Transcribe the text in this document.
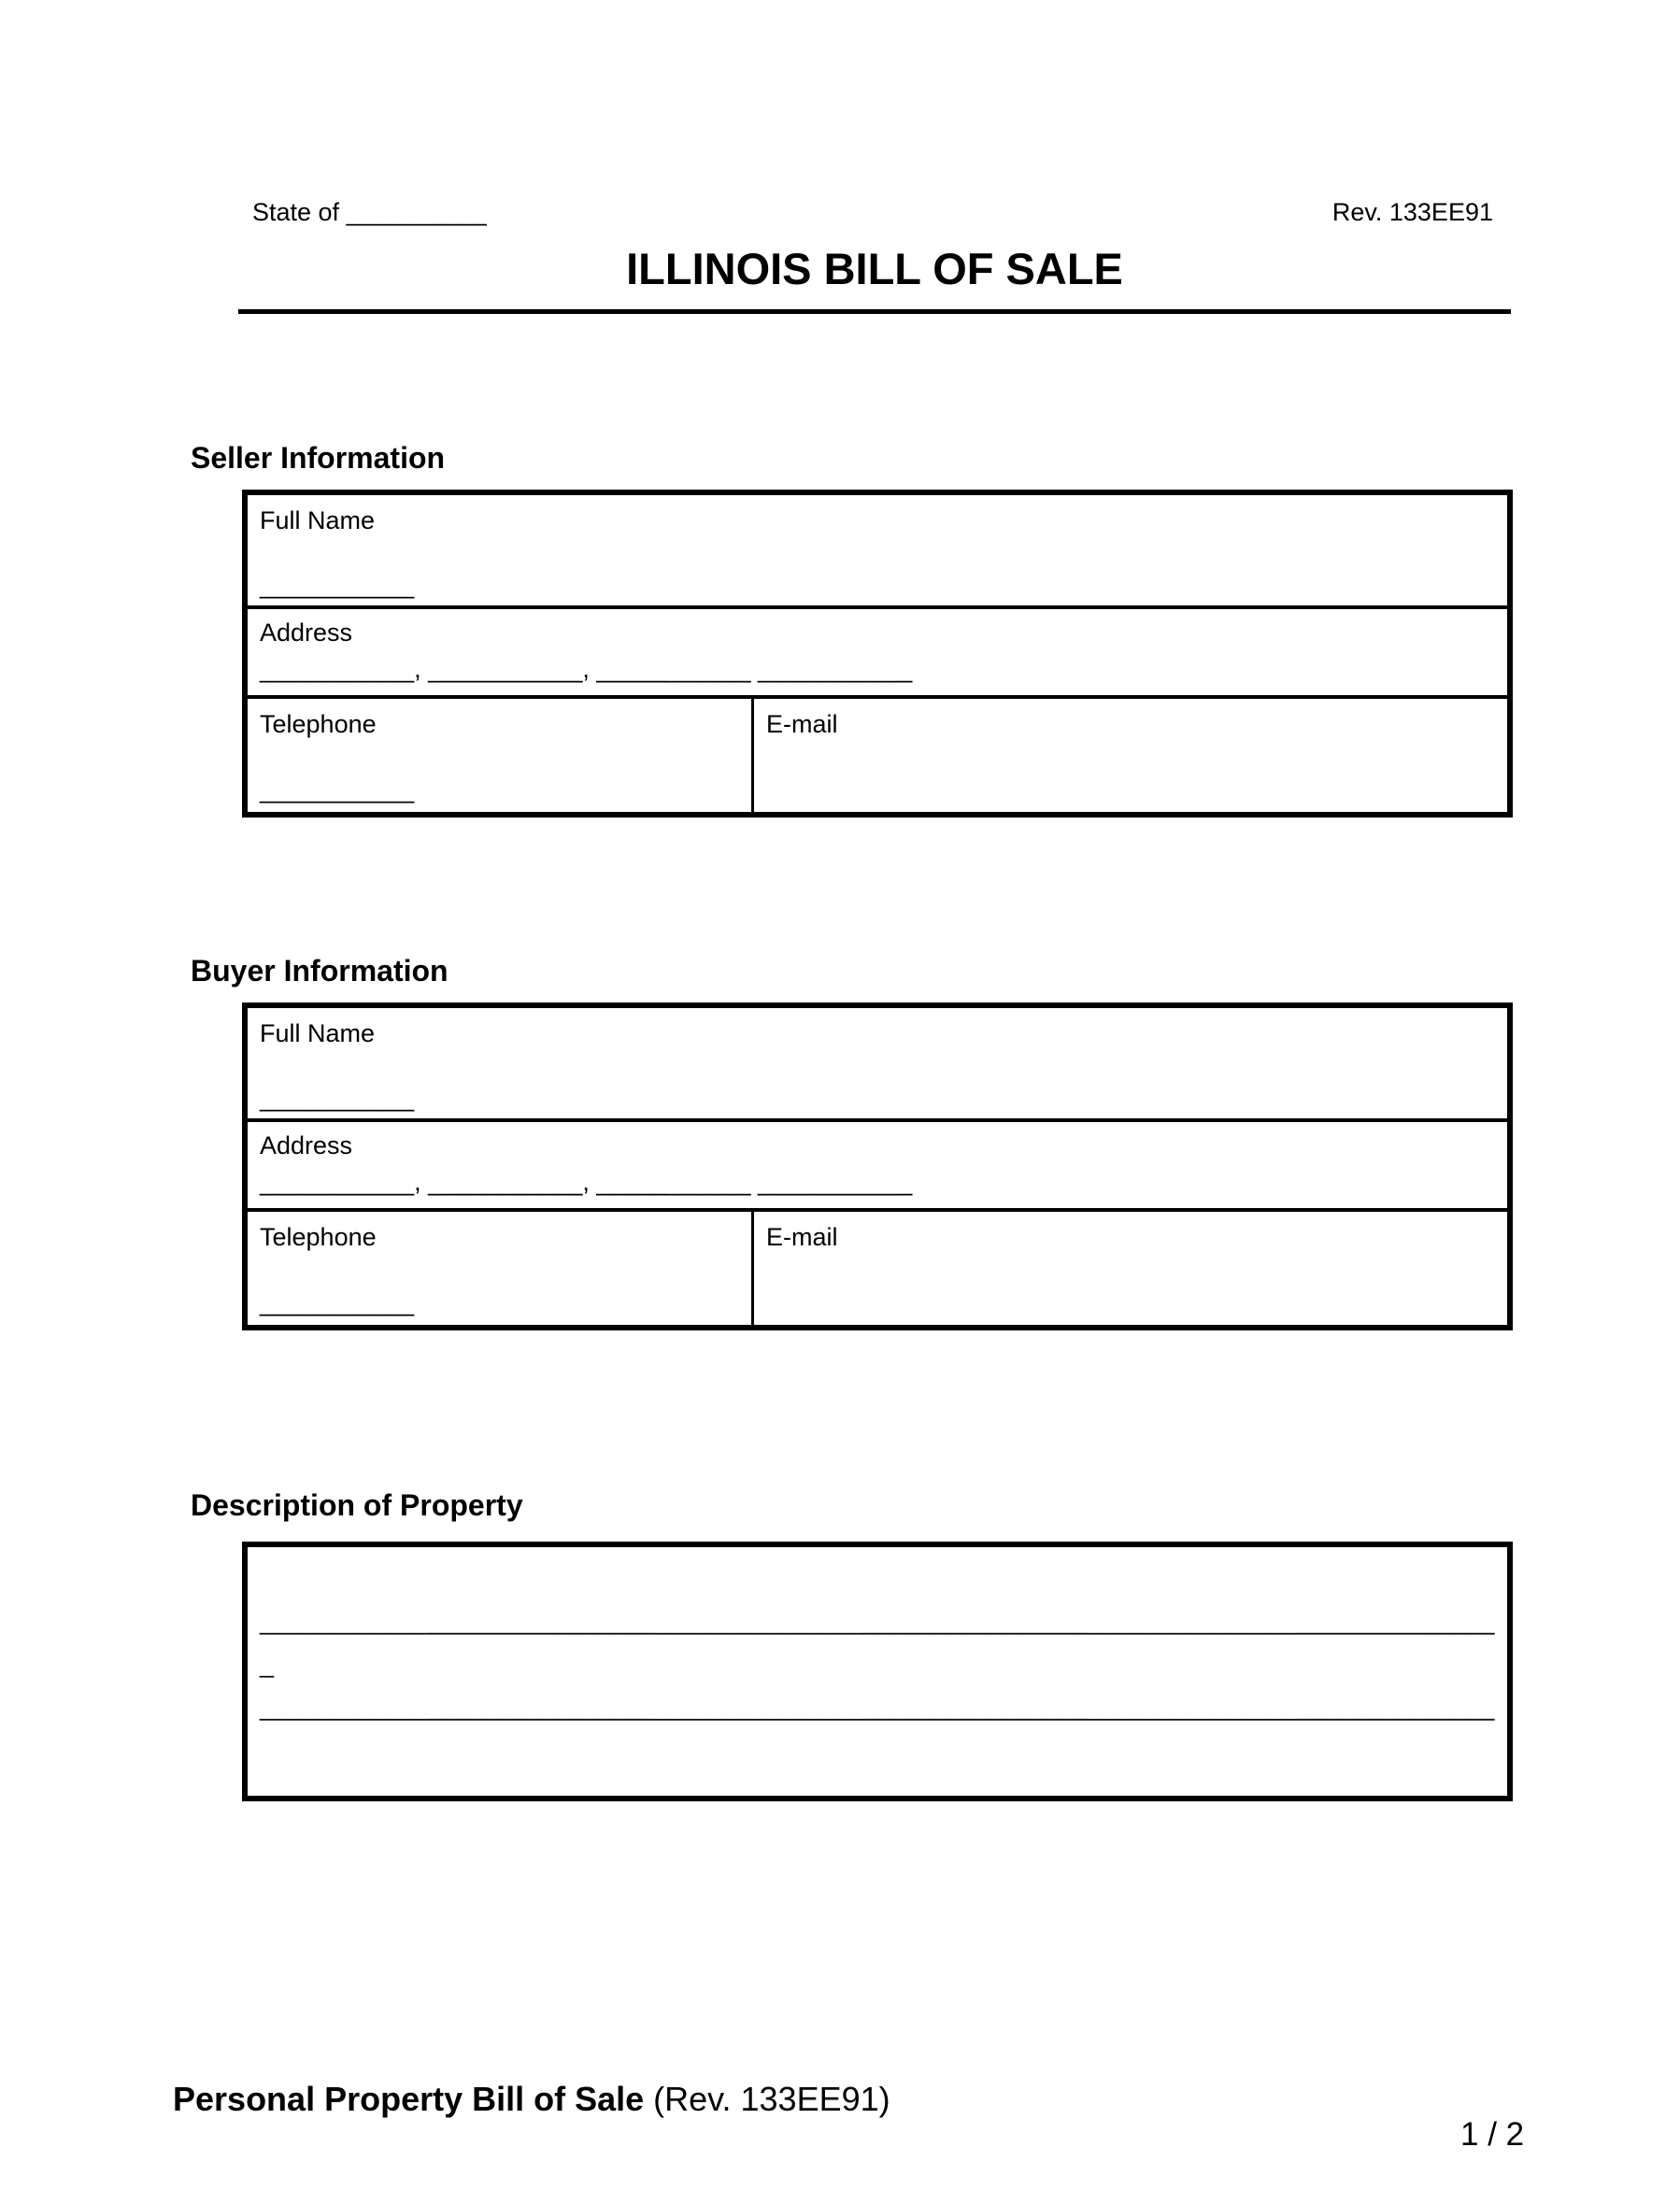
State of __________	Rev. 133EE91
ILLINOIS BILL OF SALE
Seller Information
Full Name
___________
Address
___________, ___________, ___________ ___________
Telephone
___________
E-mail
Buyer Information
Full Name
___________
Address
___________, ___________, ___________ ___________
Telephone
___________
E-mail
Description of Property
________________________________________________________________________________________
_
________________________________________________________________________________________
Personal Property Bill of Sale (Rev. 133EE91)
1 / 2
